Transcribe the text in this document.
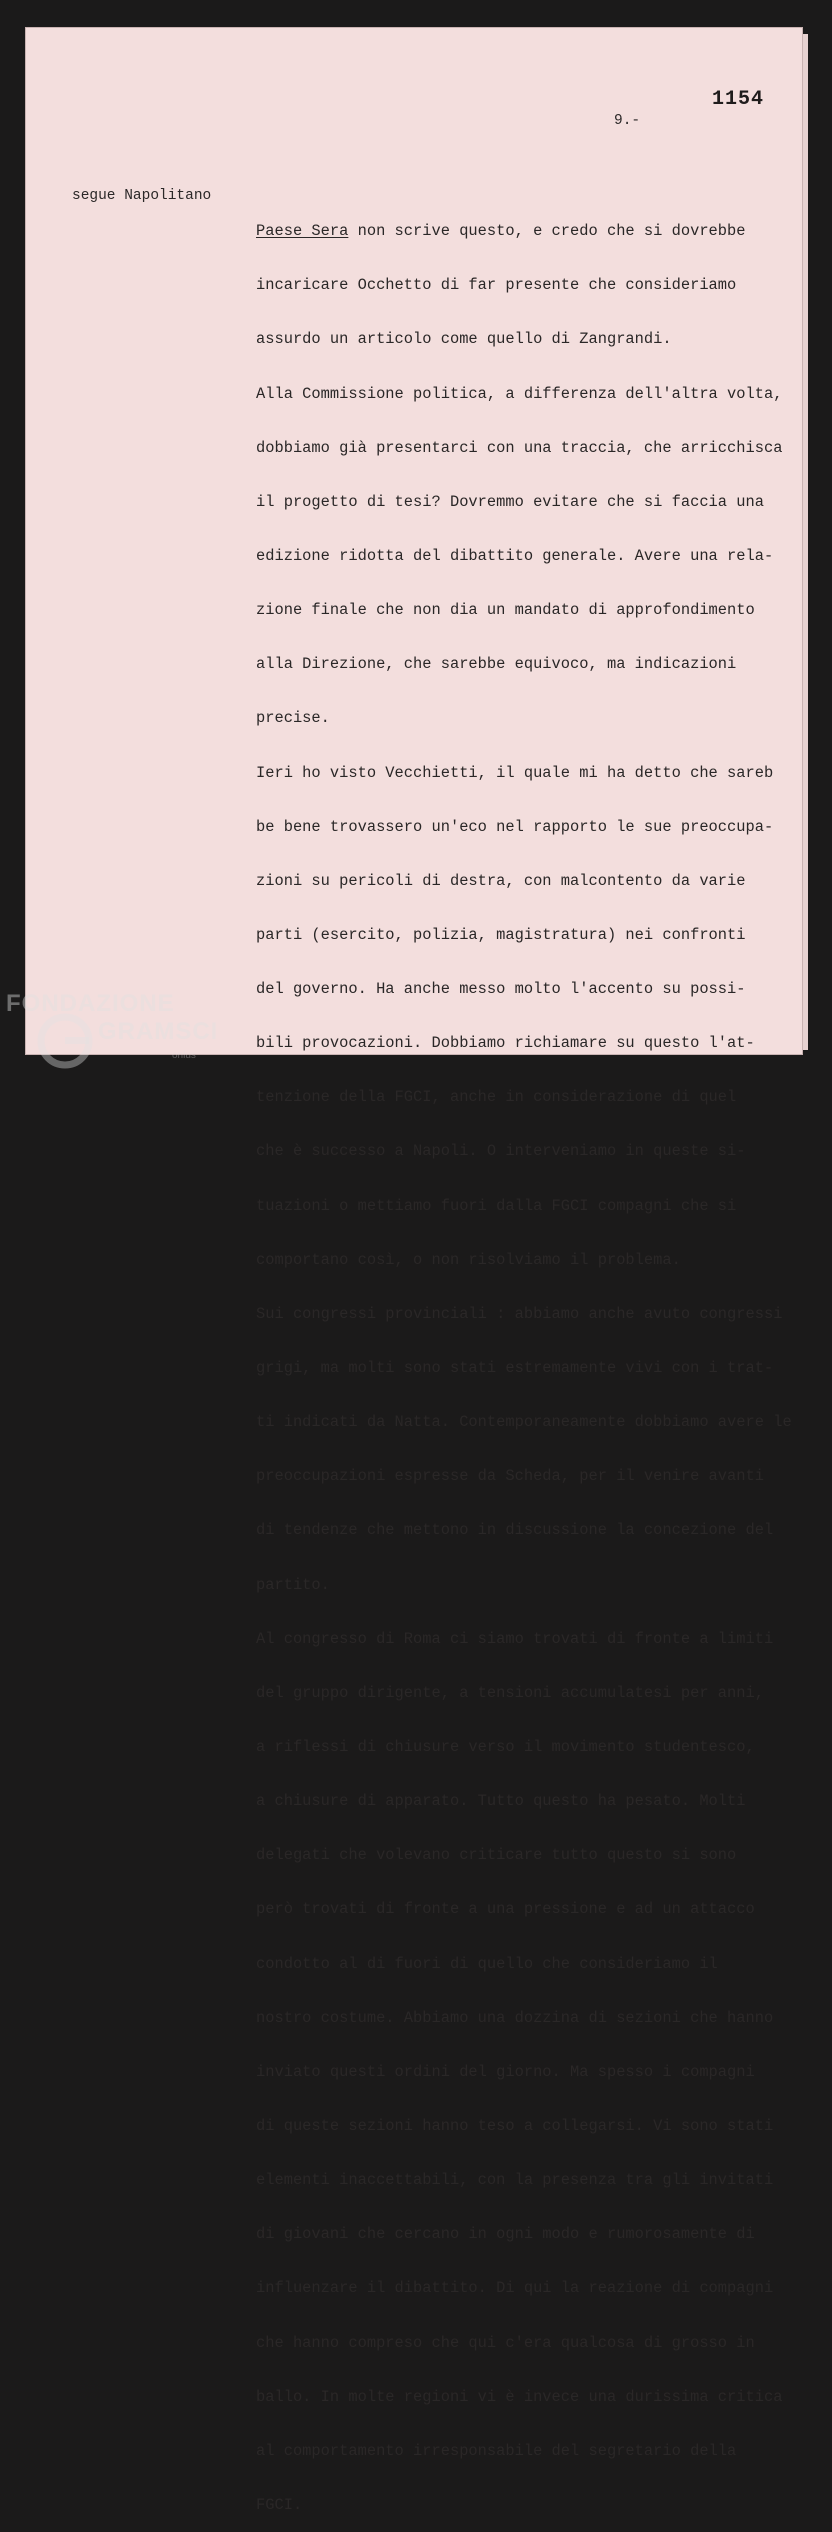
1154

9.-

segue Napolitano

Paese Sera non scrive questo, e credo che si dovrebbe

incaricare Occhetto di far presente che consideriamo

assurdo un articolo come quello di Zangrandi.

Alla Commissione politica, a differenza dell'altra volta,

dobbiamo già presentarci con una traccia, che arricchisca

il progetto di tesi? Dovremmo evitare che si faccia una

edizione ridotta del dibattito generale. Avere una rela-

zione finale che non dia un mandato di approfondimento

alla Direzione, che sarebbe equivoco, ma indicazioni

precise.

Ieri ho visto Vecchietti, il quale mi ha detto che sareb

be bene trovassero un'eco nel rapporto le sue preoccupa-

zioni su pericoli di destra, con malcontento da varie

parti (esercito, polizia, magistratura) nei confronti

del governo. Ha anche messo molto l'accento su possi-

bili provocazioni. Dobbiamo richiamare su questo l'at-

tenzione della FGCI, anche in considerazione di quel

che è successo a Napoli. O interveniamo in queste si-

tuazioni o mettiamo fuori dalla FGCI compagni che si

comportano così, o non risolviamo il problema.

Sui congressi provinciali : abbiamo anche avuto congressi

grigi, ma molti sono stati estremamente vivi con i trat-

ti indicati da Natta. Contemporaneamente dobbiamo avere le

preoccupazioni espresse da Scheda, per il venire avanti

di tendenze che mettono in discussione la concezione del

partito.

Al congresso di Roma ci siamo trovati di fronte a limiti

del gruppo dirigente, a tensioni accumulatesi per anni,

a riflessi di chiusure verso il movimento studentesco,

a chiusure di apparato. Tutto questo ha pesato. Molti

delegati che volevano criticare tutto questo si sono

però trovati di fronte a una pressione e ad un attacco

condotto al di fuori di quello che consideriamo il

nostro costume. Abbiamo una dozzina di sezioni che hanno

inviato questi ordini del giorno. Ma spesso i compagni

di queste sezioni hanno teso a collegarsi. Vi sono stati

elementi inaccettabili, con la presenza tra gli invitati

di giovani che cercano in ogni modo e rumorosamente di

influenzare il dibattito. Di qui la reazione di compagni

che hanno compreso che qui c'era qualcosa di grosso in

ballo. In molte regioni vi è invece una durissima critica

al comportamento irresponsabile del segretario della

FGCI.

FONDAZIONE

GRAMSCI

onlus
